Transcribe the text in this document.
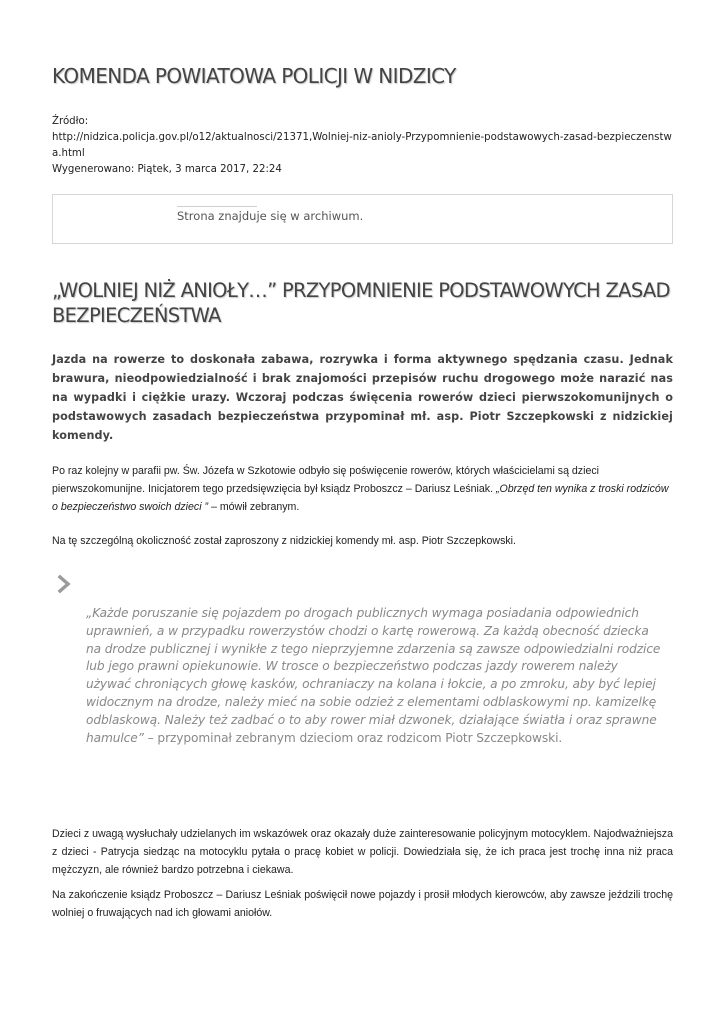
KOMENDA POWIATOWA POLICJI W NIDZICY
Źródło:
http://nidzica.policja.gov.pl/o12/aktualnosci/21371,Wolniej-niz-anioly-Przypomnienie-podstawowych-zasad-bezpieczenstwa.html
Wygenerowano: Piątek, 3 marca 2017, 22:24
Strona znajduje się w archiwum.
„WOLNIEJ NIŻ ANIOŁY…” PRZYPOMNIENIE PODSTAWOWYCH ZASAD BEZPIECZEŃSTWA

Jazda na rowerze to doskonała zabawa, rozrywka i forma aktywnego spędzania czasu. Jednak brawura, nieodpowiedzialność i brak znajomości przepisów ruchu drogowego może narazić nas na wypadki i ciężkie urazy. Wczoraj podczas święcenia rowerów dzieci pierwszokomunijnych o podstawowych zasadach bezpieczeństwa przypominał mł. asp. Piotr Szczepkowski z nidzickiej komendy.

Po raz kolejny w parafii pw. Św. Józefa w Szkotowie odbyło się poświęcenie rowerów, których właścicielami są dzieci pierwszokomunijne. Inicjatorem tego przedsięwzięcia był ksiądz Proboszcz – Dariusz Leśniak. „Obrzęd ten wynika z troski rodziców o bezpieczeństwo swoich dzieci ” – mówił zebranym.

Na tę szczególną okoliczność został zaproszony z nidzickiej komendy mł. asp. Piotr Szczepkowski.

„Każde poruszanie się pojazdem po drogach publicznych wymaga posiadania odpowiednich uprawnień, a w przypadku rowerzystów chodzi o kartę rowerową. Za każdą obecność dziecka na drodze publicznej i wynikłe z tego nieprzyjemne zdarzenia są zawsze odpowiedzialni rodzice lub jego prawni opiekunowie. W trosce o bezpieczeństwo podczas jazdy rowerem należy używać chroniących głowę kasków, ochraniaczy na kolana i łokcie, a po zmroku, aby być lepiej widocznym na drodze, należy mieć na sobie odzież z elementami odblaskowymi np. kamizelkę odblaskową. Należy też zadbać o to aby rower miał dzwonek, działające światła i oraz sprawne hamulce” – przypominał zebranym dzieciom oraz rodzicom Piotr Szczepkowski.

Dzieci z uwagą wysłuchały udzielanych im wskazówek oraz okazały duże zainteresowanie policyjnym motocyklem. Najodważniejsza z dzieci - Patrycja siedząc na motocyklu pytała o pracę kobiet w policji. Dowiedziała się, że ich praca jest trochę inna niż praca mężczyzn, ale również bardzo potrzebna i ciekawa.

Na zakończenie ksiądz Proboszcz – Dariusz Leśniak poświęcił nowe pojazdy i prosił młodych kierowców, aby zawsze jeździli trochę wolniej o fruwających nad ich głowami aniołów.
